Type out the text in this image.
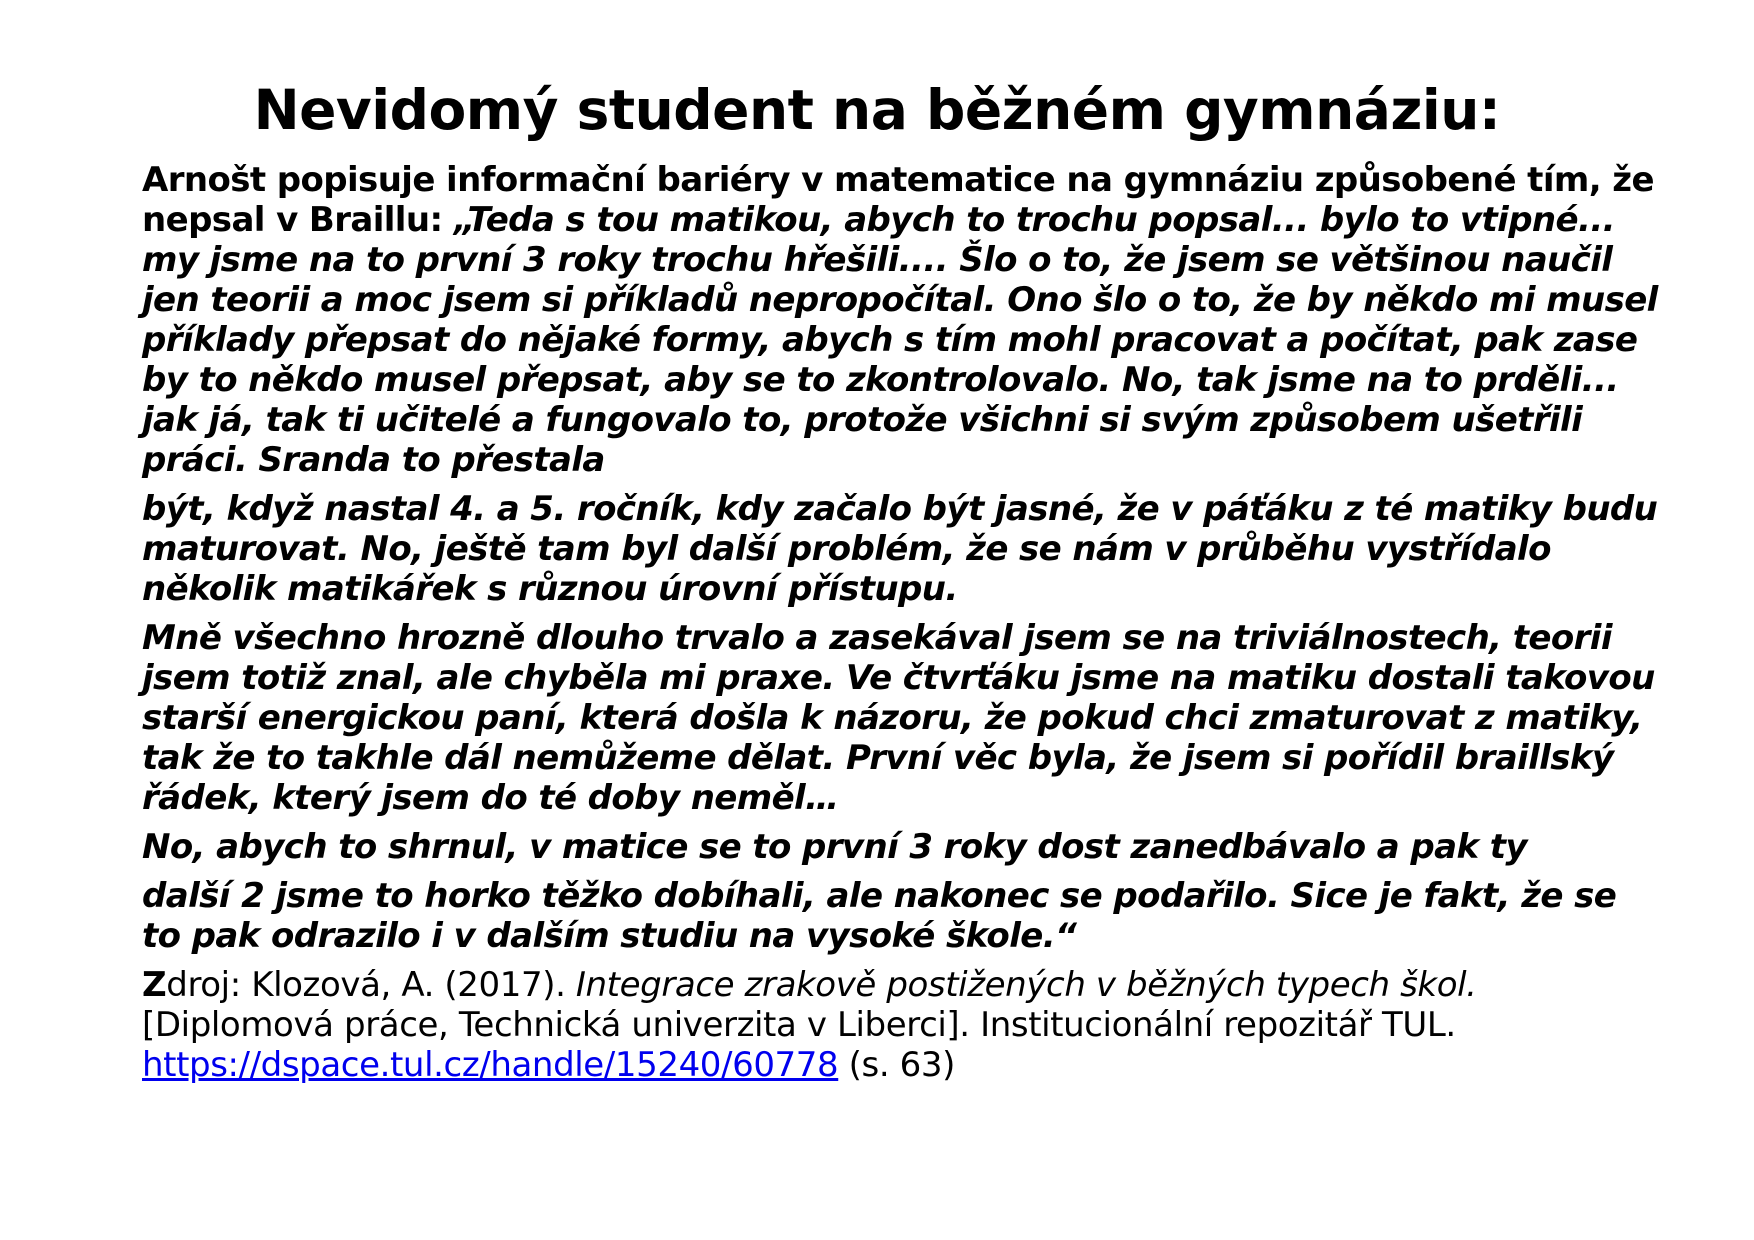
Nevidomý student na běžném gymnáziu:

Arnošt popisuje informační bariéry v matematice na gymnáziu způsobené tím, že nepsal v Braillu: „Teda s tou matikou, abych to trochu popsal... bylo to vtipné... my jsme na to první 3 roky trochu hřešili.... Šlo o to, že jsem se většinou naučil jen teorii a moc jsem si příkladů nepropočítal. Ono šlo o to, že by někdo mi musel příklady přepsat do nějaké formy, abych s tím mohl pracovat a počítat, pak zase by to někdo musel přepsat, aby se to zkontrolovalo. No, tak jsme na to prděli... jak já, tak ti učitelé a fungovalo to, protože všichni si svým způsobem ušetřili práci. Sranda to přestala

být, když nastal 4. a 5. ročník, kdy začalo být jasné, že v páťáku z té matiky budu maturovat. No, ještě tam byl další problém, že se nám v průběhu vystřídalo několik matikářek s různou úrovní přístupu.

Mně všechno hrozně dlouho trvalo a zasekával jsem se na triviálnostech, teorii jsem totiž znal, ale chyběla mi praxe. Ve čtvrťáku jsme na matiku dostali takovou starší energickou paní, která došla k názoru, že pokud chci zmaturovat z matiky, tak že to takhle dál nemůžeme dělat. První věc byla, že jsem si pořídil braillský řádek, který jsem do té doby neměl…

No, abych to shrnul, v matice se to první 3 roky dost zanedbávalo a pak ty

další 2 jsme to horko těžko dobíhali, ale nakonec se podařilo. Sice je fakt, že se to pak odrazilo i v dalším studiu na vysoké škole.“

Zdroj: Klozová, A. (2017). Integrace zrakově postižených v běžných typech škol. [Diplomová práce, Technická univerzita v Liberci]. Institucionální repozitář TUL. https://dspace.tul.cz/handle/15240/60778 (s. 63)
